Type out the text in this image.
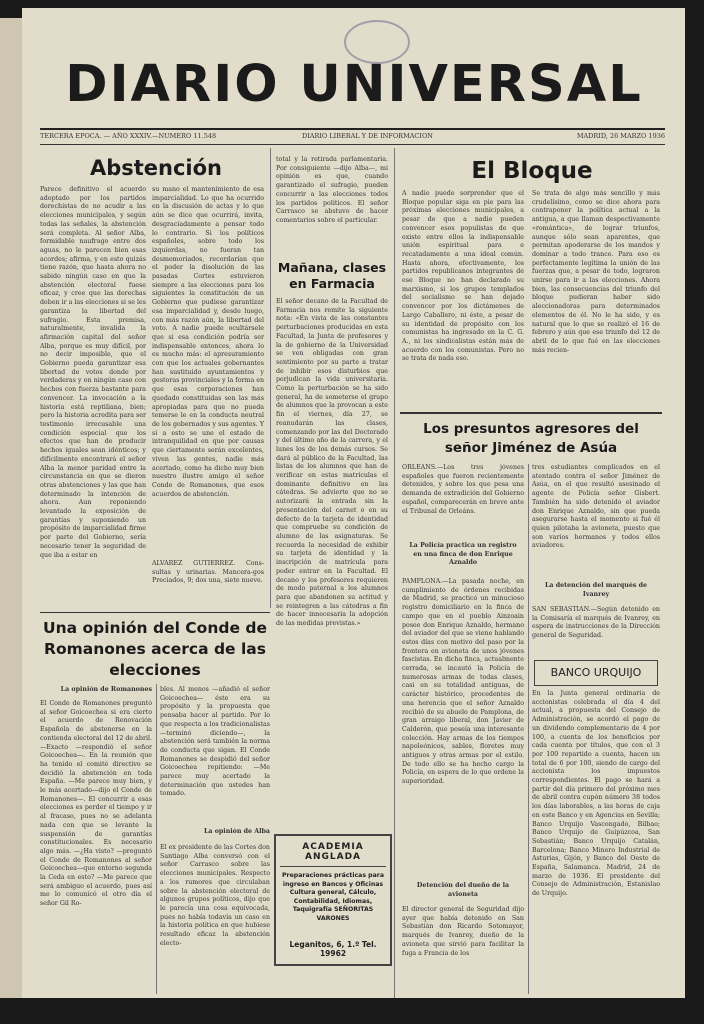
DIARIO UNIVERSAL
TERCERA EPOCA. — AÑO XXXIV.—NUMERO 11.548	DIARIO LIBERAL Y DE INFORMACION	MADRID, 26 MARZO 1936
Abstención
Parece definitivo el acuerdo adoptado por los partidos derechistas de no acudir a las elecciones municipales, y según todas las señales, la abstención será completa. Al señor Alba, formidable naufrago entre dos aguas, no le parecen bien esas acordes; afirma, y en esto quizás tiene razón, que hasta ahora no sabido ningún caso en que la abstención electoral fuese eficaz, y cree que las derechas deben ir a las elecciones si se les garantiza la libertad del sufragio. Esta premisa, naturalmente, invalida la afirmación capital del señor Alba, porque es muy difícil, por no decir imposible, que el Gobierno pueda garantizar esa libertad de votos donde por verdaderas y en ningún caso con hechos con fuerza bastante para convencer. La invocación a la historia está reptiliana, bien; pero la historia acredita para ser testimonio irrecusable una condición especial que los efectos que han de producir hechos iguales sean idénticos; y difícilmente encontrará el señor Alba la menor paridad entre la circunstancia en que se dieron otras abstenciones y las que han determinado la intención de ahora. Aun reponiendo levantado la exposición de garantías y suponiendo un propósito de imparcialidad firme por parte del Gobierno, sería necesario tener la seguridad de que iba a estar en
su mano el mantenimiento de esa imparcialidad. Lo que ha ocurrido en la discusión de actas y lo que aún se dice que ocurrirá, invita, desgraciadamente a pensar todo lo contrario. Si los políticos españoles, sobre todo los izquierdas, no fueran tan desmemoriados, recordarían que el poder la disolución de las pasadas Cortes estuvieron siempre a las elecciones para los siguientes la constitución de un Gobierno que pudiese garantizar esa imparcialidad y, desde luego, con más razón aún, la libertad del voto. A nadie puede ocultársele que si esa condición podría ser indispensable entonces, ahora lo es mucho más: el apresuramiento con que los actuales gobernantes han sustituido ayuntamientos y gestoras provinciales y la forma en que esas corporaciones han quedado constituidas son las más apropiadas para que no pueda temerse le en la conducta neutral de los gobernados y sus agentes. Y si a esto se une el estado de intranquilidad en que por causas que ciertamente serán excelentes, viven las gentes, nadie más acertado, como ha dicho muy bien nuestro ilustre amigo el señor Conde de Romanones, que esos acuerdos de abstención.
ALVAREZ GUTIERREZ. Cons-sultas y urinarias. Mancera-gos Preciados, 9; dos una, siete nueve.
total y la retirada parlamentaria. Por consiguiente —dijo Alba—, mi opinión es que, cuando garantizado el sufragio, pueden concurrir a las elecciones todos los partidos políticos. El señor Carrasco se abstuvo de hacer comentarios sobre el particular.
Mañana, clases en Farmacia
El señor decano de la Facultad de Farmacia nos remite la siguiente nota: «En vista de las constantes perturbaciones producidas en esta Facultad, la Junta de profesores y la de gobierno de la Universidad se ven obligadas con gran sentimiento por su parte a tratar de inhibir esos disturbios que perjudican la vida universitaria. Como la perturbación se ha sido general, ha de someterse el grupo de alumnos que la provocan a este fin el viernes, día 27, se reanudarán las clases, comenzando por las del Doctorado y del último año de la carrera, y el lunes los de los demás cursos. Se dará al público de la Facultad, las listas de los alumnos que han de verificar en estas matrículas el dominante definitivo en las cátedras. Se advierte que no se autorizará la entrada sin la presentación del carnet o en su defecto de la tarjeta de identidad que compruebe su condición de alumno de las asignaturas. Se recuerda la necesidad de exhibir su tarjeta de identidad y la inscripción de matrícula para poder entrar en la Facultad. El decano y los profesores requieren de modo paternal a los alumnos para que abandonen su actitud y se reintegren a las cátedras a fin de hacer innecesaria la adopción de las medidas previstas.»
El Bloque
A nadie puede sorprender que el Bloque popular siga en pie para las próximas elecciones municipales, a pesar de que a nadie pueden convencer esos populistas de que existe entre ellos la indispensable unión espiritual para e recatadamente a una ideal común. Hasta ahora, efectivamente, los partidos republicanos integrantes de ese Bloque no han declarado su marxismo, si los grupos templados del socialismo se han dejado convencer por los dictámenes de Largo Caballero, ni éste, a pesar de su identidad de propósito con los comunistas ha ingresado en la C. G. A., ni los sindicalistas están más de acuerdo con los comunistas. Pero no se trata de nada eso.
Se trata de algo más sencillo y más crudelísimo, como se dice ahora para contraponer la política actual a la antigua, a que llaman despectivamente «romántica», de lograr triunfos, aunque sólo sean aparentes, que permitan apoderarse de los mandos y dominar a todo trance. Para eso es perfectamente legítima la unión de las fuerzas que, a pesar de todo, lograron unirse para ir a las elecciones. Ahora bien, las consecuencias del triunfo del bloque pudieran haber sido aleccionadoras para determinados elementos de él. No le ha sido, y es natural que lo que se realizó el 16 de febrero y aún que ese triunfo del 12 de abril de lo que fué en las elecciones más recien-
Los presuntos agresores del señor Jiménez de Asúa
ORLEANS.—Los tres jóvenes españoles que fueron recientemente detenidos, y sobre los que pesa una demanda de extradición del Gobierno español, comparecerán en breve ante el Tribunal de Orleáns.
La Policía practica un registro en una finca de don Enrique Aznaldo
PAMPLONA.—La pasada noche, en cumplimiento de órdenes recibidas de Madrid, se practicó un minucioso registro domiciliario en la finca de campo que en el pueblo Ainzoain posee don Enrique Aznaldo, hermano del aviador del que se viene hablando estos días con motivo del paso por la frontera en avioneta de unos jóvenes fascistas. En dicha finca, actualmente cerrada, se incautó la Policía de numerosas armas de todas clases, casi en su totalidad antiguas, de carácter histórico, procedentes de una herencia que el señor Aznaldo recibió de su abuelo de Pamplona, de gran arraigo liberal, don Javier de Calderón, que poseía una interesante colección. Hay armas de los tiempos napoleónicos, sables, floretes muy antiguos y otras armas por el estilo. De todo ello se ha hecho cargo la Policía, en espera de lo que ordene la superioridad.
Detención del dueño de la avioneta
El director general de Seguridad dijo ayer que había detenido en San Sebastián don Ricardo Sotomayor, marqués de Ivanrey, dueño de la avioneta que sirvió para facilitar la fuga a Francia de los
tres estudiantes complicados en el atentado contra el señor Jiménez de Asúa, en el que resultó asesinado el agente de Policía señor Gisbert. También ha sido detenido el aviador don Enrique Aznaldo, sin que pueda asegurarse hasta el momento si fué él quien pilotaba la avioneta, puesto que son varios hermanos y todos ellos aviadores.
La detención del marqués de Ivanrey
SAN SEBASTIAN.—Según detenido en la Comisaría el marqués de Ivanrey, en espera de instrucciones de la Dirección general de Seguridad.
BANCO URQUIJO
En la Junta general ordinaria de accionistas celebrada el día 4 del actual, a propuesta del Consejo de Administración, se acordó el pago de un dividendo complementario de 4 por 100, a cuenta de los beneficios por cada cuenta por títulos, que con el 3 por 100 repartido a cuenta, hacen un total de 6 por 100, siendo de cargo del accionista los impuestos correspondientes. El pago se hará a partir del día primero del próximo mes de abril contra cupón número 38 todos los días laborables, a las horas de caja en este Banco y en Agencias en Sevilla; Banco Urquijo Vascongado, Bilbao; Banco Urquijo de Guipúzcoa, San Sebastián; Banco Urquijo Catalán, Barcelona; Banco Minero Industrial de Asturias, Gijón, y Banco del Oeste de España, Salamanca. Madrid, 24 de marzo de 1936. El presidente del Consejo de Administración, Estanislao de Urquijo.
Una opinión del Conde de Romanones acerca de las elecciones
La opinión de Romanones
El Conde de Romanones preguntó al señor Goicoechea si era cierto el acuerdo de Renovación Española de abstenerse en la contienda electoral del 12 de abril. —Exacto —respondió el señor Goicoechea—. En la reunión que ha tenido el comité directivo se decidió la abstención en toda España. —Me parece muy bien, y le más acertado—dijo el Conde de Romanones—. El concurrir a esas elecciones es perder el tiempo y ir al fracaso, pues no se adelanta nada con que se levante la suspensión de garantías constitucionales. Es necesario algo más. —¿Ha visto? —preguntó el Conde de Romanones al señor Goicoechea—que entorno segunda la Ceda en esto? —Me parece que será ambiguo el acuerdo, pues así me lo comunicó el otro día el señor Gil Ro-
bles. Al menos —añadió el señor Goicoechea— éste era su propósito y la propuesta que pensaba hacer al partido. Por lo que respecta a los tradicionalistas —terminó diciendo—, la abstención será también la norma de conducta que sigan. El Conde Romanones se despidió del señor Goicoechea repitiendo: —Me parece muy acertado la determinación que ustedes han tomado.
La opinión de Alba
El ex presidente de las Cortes don Santiago Alba conversó con el señor Carrasco sobre las elecciones municipales. Respecto a los rumores que circulaban sobre la abstención electoral de algunos grupos políticos, dijo que le parecía una cosa equivocada, pues no había todavía un caso en la historia política en que hubiese resultado eficaz la abstención electo-
ACADEMIA ANGLADA
Preparaciones prácticas para ingreso en Bancos y Oficinas Cultura general, Cálculo, Contabilidad, Idiomas, Taquigrafía SEÑORITAS VARONES
Leganitos, 6, 1.º Tel. 19962
